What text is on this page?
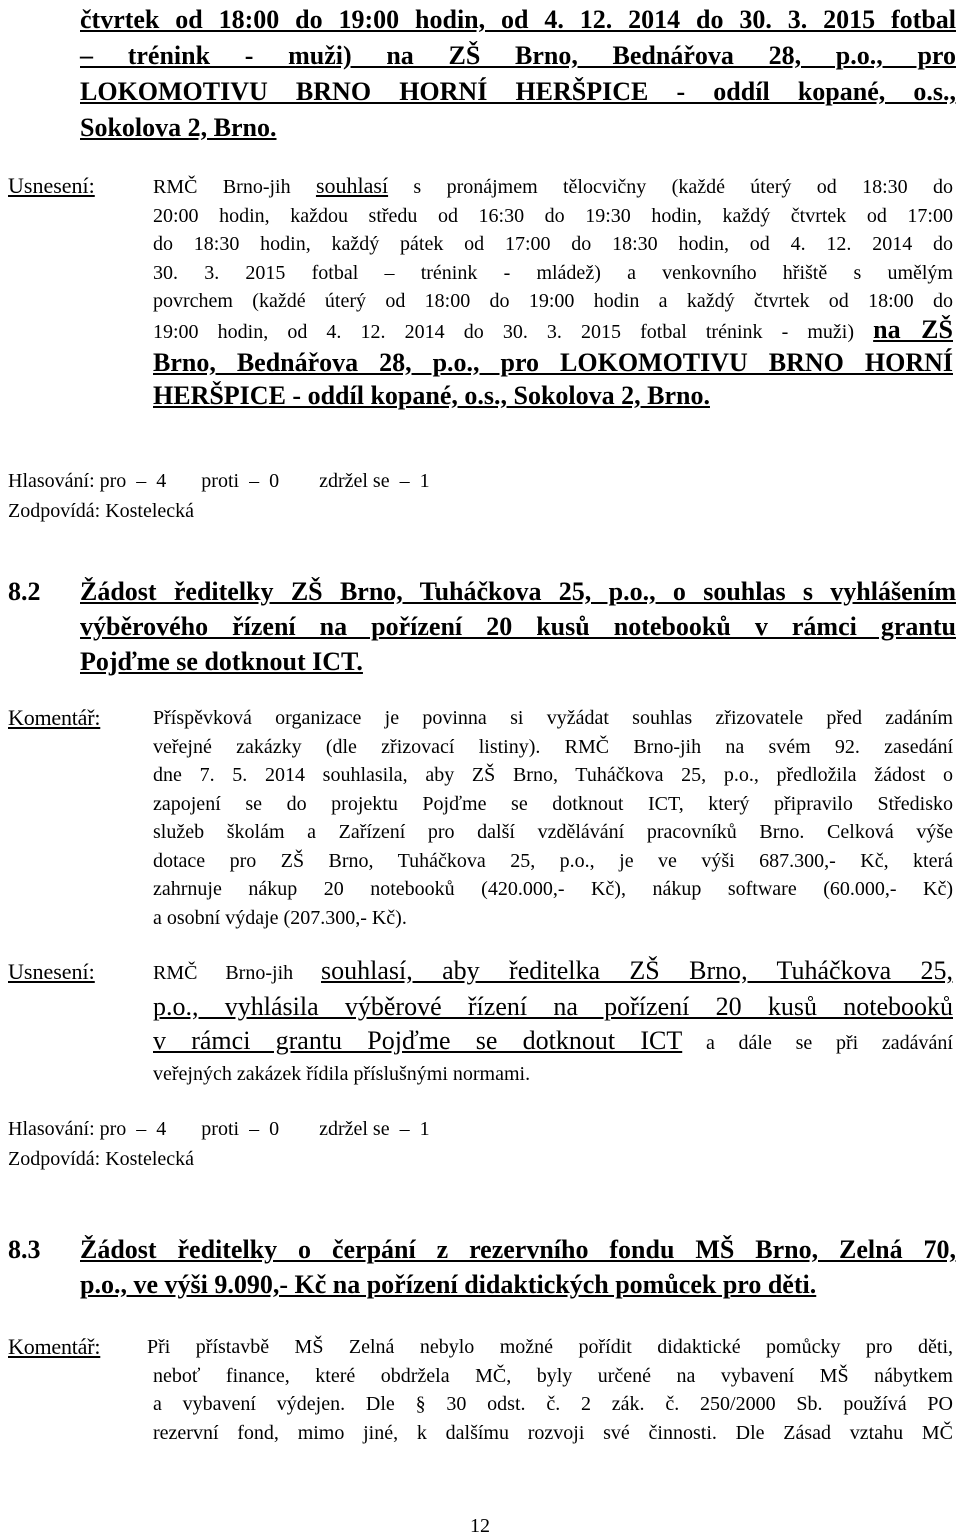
čtvrtek od 18:00 do 19:00 hodin, od 4. 12. 2014 do 30. 3. 2015 fotbal
– trénink - muži) na ZŠ Brno, Bednářova 28, p.o., pro
LOKOMOTIVU BRNO HORNÍ HERŠPICE - oddíl kopané, o.s.,
Sokolova 2, Brno.
Usnesení:	RMČ Brno-jih souhlasí s pronájmem tělocvičny (každé úterý od 18:30 do
20:00 hodin, každou středu od 16:30 do 19:30 hodin, každý čtvrtek od 17:00
do 18:30 hodin, každý pátek od 17:00 do 18:30 hodin, od 4. 12. 2014 do
30. 3. 2015 fotbal – trénink - mládež) a venkovního hřiště s umělým
povrchem (každé úterý od 18:00 do 19:00 hodin a každý čtvrtek od 18:00 do
19:00 hodin, od 4. 12. 2014 do 30. 3. 2015 fotbal trénink - muži) na ZŠ
Brno, Bednářova 28, p.o., pro LOKOMOTIVU BRNO HORNÍ
HERŠPICE - oddíl kopané, o.s., Sokolova 2, Brno.
Hlasování: pro  –  4       proti  –  0        zdržel se  –  1
Zodpovídá: Kostelecká
8.2 Žádost ředitelky ZŠ Brno, Tuháčkova 25, p.o., o souhlas s vyhlášením
výběrového řízení na pořízení 20 kusů notebooků v rámci grantu
Pojďme se dotknout ICT.
Komentář:	Příspěvková organizace je povinna si vyžádat souhlas zřizovatele před zadáním
veřejné zakázky (dle zřizovací listiny). RMČ Brno-jih na svém 92. zasedání
dne 7. 5. 2014 souhlasila, aby ZŠ Brno, Tuháčkova 25, p.o., předložila žádost o
zapojení se do projektu Pojďme se dotknout ICT, který připravilo Středisko
služeb školám a Zařízení pro další vzdělávání pracovníků Brno. Celková výše
dotace pro ZŠ Brno, Tuháčkova 25, p.o., je ve výši 687.300,- Kč, která
zahrnuje nákup 20 notebooků (420.000,- Kč), nákup software (60.000,- Kč)
a osobní výdaje (207.300,- Kč).
Usnesení:	RMČ Brno-jih souhlasí, aby ředitelka ZŠ Brno, Tuháčkova 25,
p.o., vyhlásila výběrové řízení na pořízení 20 kusů notebooků
v rámci grantu Pojďme se dotknout ICT a dále se při zadávání
veřejných zakázek řídila příslušnými normami.
Hlasování: pro  –  4       proti  –  0        zdržel se  –  1
Zodpovídá: Kostelecká
8.3 Žádost ředitelky o čerpání z rezervního fondu MŠ Brno, Zelná 70,
p.o., ve výši 9.090,- Kč na pořízení didaktických pomůcek pro děti.
Komentář: Při přístavbě MŠ Zelná nebylo možné pořídit didaktické pomůcky pro děti,
neboť finance, které obdržela MČ, byly určené na vybavení MŠ nábytkem
a vybavení výdejen. Dle § 30 odst. č. 2 zák. č. 250/2000 Sb. používá PO
rezervní fond, mimo jiné, k dalšímu rozvoji své činnosti. Dle Zásad vztahu MČ
12
